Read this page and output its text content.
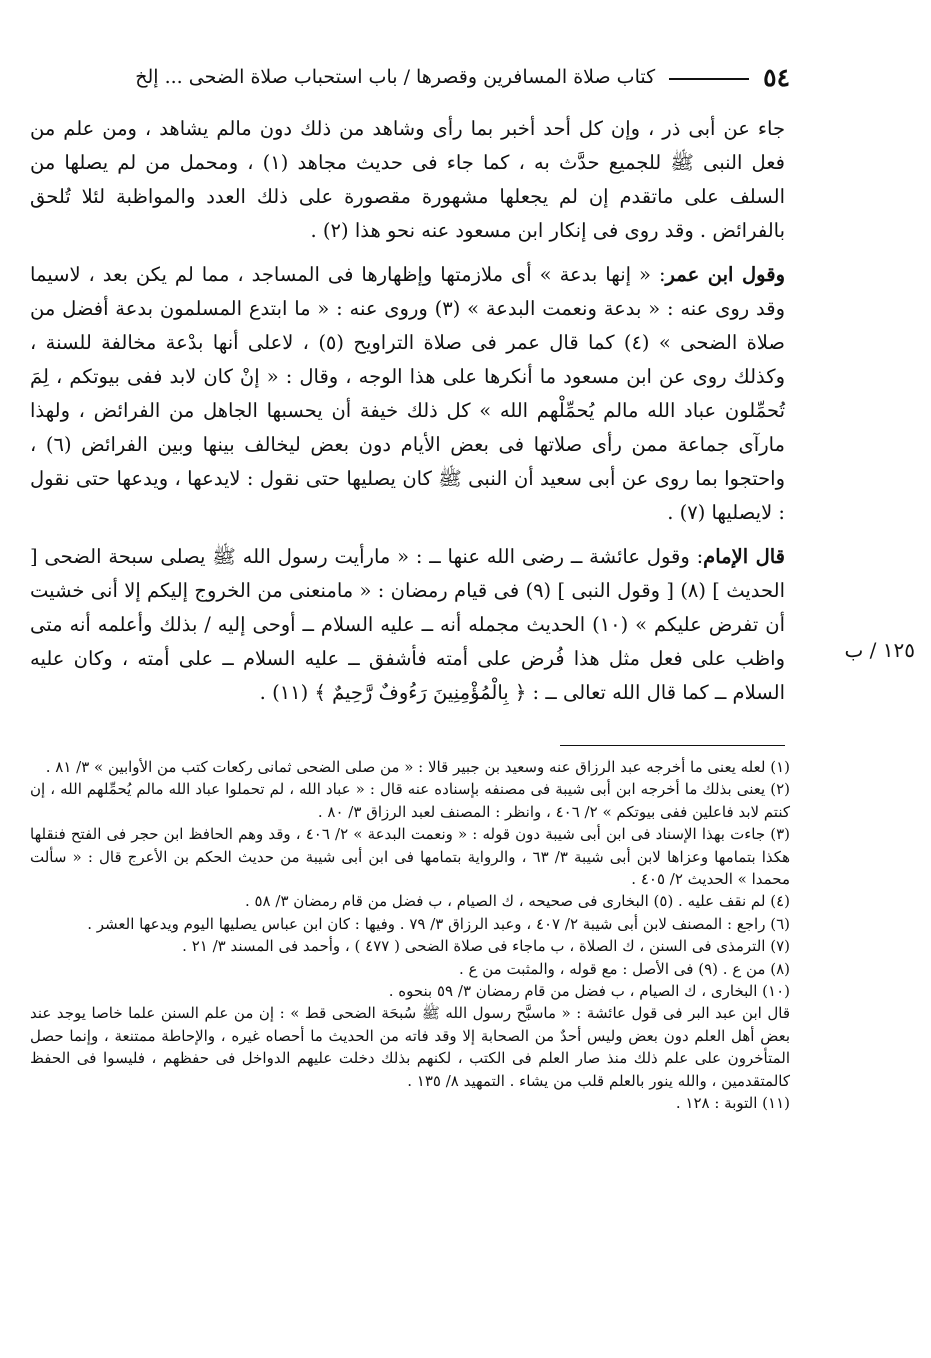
٥٤
كتاب صلاة المسافرين وقصرها / باب استحباب صلاة الضحى ... إلخ

جاء عن أبى ذر ، وإن كل أحد أخبر بما رأى وشاهد من ذلك دون مالم يشاهد ، ومن علم من فعل النبى ﷺ للجميع حدَّث به ، كما جاء فى حديث مجاهد (١) ، ومحمل من لم يصلها من السلف على ماتقدم إن لم يجعلها مشهورة مقصورة على ذلك العدد والمواظبة لئلا تُلحق بالفرائض . وقد روى فى إنكار ابن مسعود عنه نحو هذا (٢) .

وقول ابن عمر: « إنها بدعة » أى ملازمتها وإظهارها فى المساجد ، مما لم يكن بعد ، لاسيما وقد روى عنه : « بدعة ونعمت البدعة » (٣) وروى عنه : « ما ابتدع المسلمون بدعة أفضل من صلاة الضحى » (٤) كما قال عمر فى صلاة التراويح (٥) ، لاعلى أنها بدْعة مخالفة للسنة ، وكذلك روى عن ابن مسعود ما أنكرها على هذا الوجه ، وقال : « إنْ كان لابد ففى بيوتكم ، لِمَ تُحمِّلون عباد الله مالم يُحمِّلْهم الله » كل ذلك خيفة أن يحسبها الجاهل من الفرائض ، ولهذا مارآى جماعة ممن رأى صلاتها فى بعض الأيام دون بعض ليخالف بينها وبين الفرائض (٦) ، واحتجوا بما روى عن أبى سعيد أن النبى ﷺ كان يصليها حتى نقول : لايدعها ، ويدعها حتى نقول : لايصليها (٧) .

قال الإمام: وقول عائشة ــ رضى الله عنها ــ : « مارأيت رسول الله ﷺ يصلى سبحة الضحى [ الحديث ] (٨) [ وقول النبى ] (٩) فى قيام رمضان : « مامنعنى من الخروج إليكم إلا أنى خشيت أن تفرض عليكم » (١٠) الحديث مجمله أنه ــ عليه السلام ــ أوحى إليه / بذلك وأعلمه أنه متى واظب على فعل مثل هذا فُرض على أمته فأشفق ــ عليه السلام ــ على أمته ، وكان عليه السلام ــ كما قال الله تعالى ــ : ﴿ بِالْمُؤْمِنِينَ رَءُوفٌ رَّحِيمٌ ﴾ (١١) .

١٢٥ / ب

(١) لعله يعنى ما أخرجه عبد الرزاق عنه وسعيد بن جبير قالا : « من صلى الضحى ثمانى ركعات كتب من الأوابين » ٣/ ٨١ .

(٢) يعنى بذلك ما أخرجه ابن أبى شيبة فى مصنفه بإسناده عنه قال : « عباد الله ، لم تحملوا عباد الله مالم يُحمِّلهم الله ، إن كنتم لابد فاعلين ففى بيوتكم » ٢/ ٤٠٦ ، وانظر : المصنف لعبد الرزاق ٣/ ٨٠ .

(٣) جاءت بهذا الإسناد فى ابن أبى شيبة دون قوله : « ونعمت البدعة » ٢/ ٤٠٦ ، وقد وهم الحافظ ابن حجر فى الفتح فنقلها هكذا بتمامها وعزاها لابن أبى شيبة ٣/ ٦٣ ، والرواية بتمامها فى ابن أبى شيبة من حديث الحكم بن الأعرج قال : « سألت محمدا » الحديث ٢/ ٤٠٥ .

(٤) لم نقف عليه . (٥) البخارى فى صحيحه ، ك الصيام ، ب فضل من قام رمضان ٣/ ٥٨ .

(٦) راجع : المصنف لابن أبى شيبة ٢/ ٤٠٧ ، وعبد الرزاق ٣/ ٧٩ . وفيها : كان ابن عباس يصليها اليوم ويدعها العشر .

(٧) الترمذى فى السنن ، ك الصلاة ، ب ماجاء فى صلاة الضحى ( ٤٧٧ ) ، وأحمد فى المسند ٣/ ٢١ .

(٨) من ع . (٩) فى الأصل : مع قوله ، والمثبت من ع .

(١٠) البخارى ، ك الصيام ، ب فضل من قام رمضان ٣/ ٥٩ بنحوه .

قال ابن عبد البر فى قول عائشة : « ماسبَّح رسول الله ﷺ سُبحَة الضحى قط » : إن من علم السنن علما خاصا يوجد عند بعض أهل العلم دون بعض وليس أحدٌ من الصحابة إلا وقد فاته من الحديث ما أحصاه غيره ، والإحاطة ممتنعة ، وإنما حصل المتأخرون على علم ذلك منذ صار العلم فى الكتب ، لكنهم بذلك دخلت عليهم الدواخل فى حفظهم ، فليسوا فى الحفظ كالمتقدمين ، والله ينور بالعلم قلب من يشاء . التمهيد ٨/ ١٣٥ .

(١١) التوبة : ١٢٨ .
